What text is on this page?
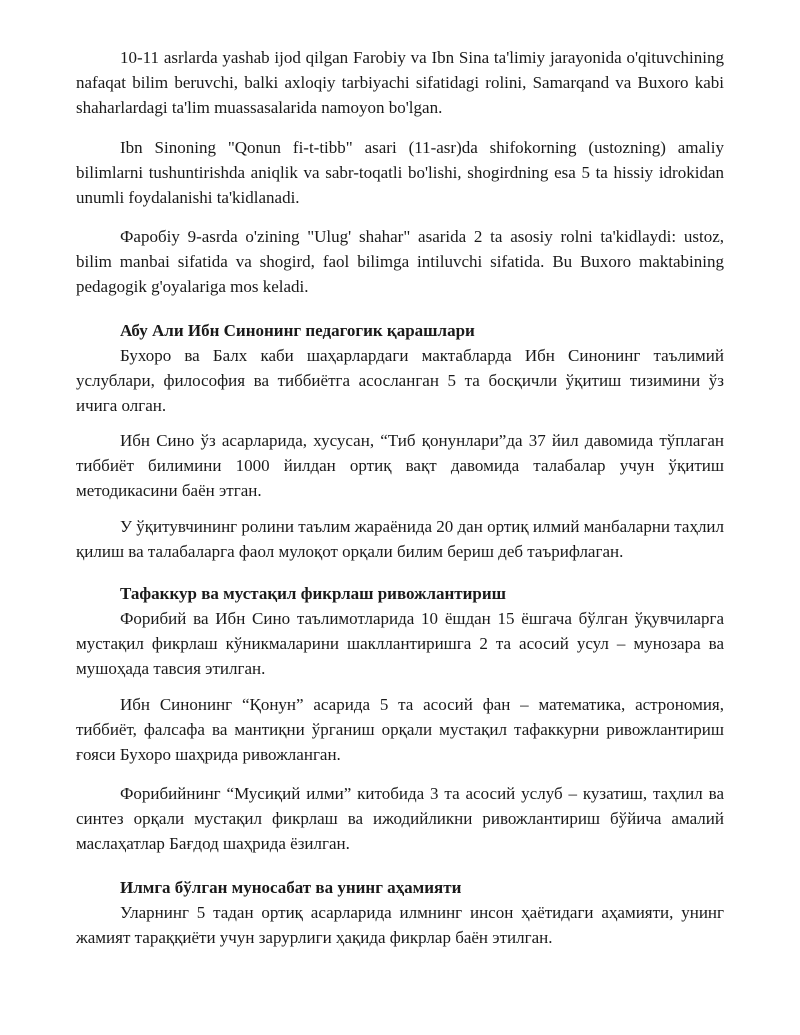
10-11 asrlarda yashab ijod qilgan Farobiy va Ibn Sina ta'limiy jarayonida o'qituvchining nafaqat bilim beruvchi, balki axloqiy tarbiyachi sifatidagi rolini, Samarqand va Buxoro kabi shaharlardagi ta'lim muassasalarida namoyon bo'lgan.

Ibn Sinoning "Qonun fi-t-tibb" asari (11-asr)da shifokorning (ustozning) amaliy bilimlarni tushuntirishda aniqlik va sabr-toqatli bo'lishi, shogirdning esa 5 ta hissiy idrokidan unumli foydalanishi ta'kidlanadi.

Фаробiy 9-asrda o'zining "Ulug' shahar" asarida 2 ta asosiy rolni ta'kidlaydi: ustoz, bilim manbai sifatida va shogird, faol bilimga intiluvchi sifatida. Bu Buxoro maktabining pedagogik g'oyalariga mos keladi.

Абу Али Ибн Синонинг педагогик қарашлари

Бухоро ва Балх каби шаҳарлардаги мактабларда Ибн Синонинг таълимий услублари, философия ва тиббиётга асосланган 5 та босқичли ўқитиш тизимини ўз ичига олган.

Ибн Сино ўз асарларида, хусусан, “Тиб қонунлари”да 37 йил давомида тўплаган тиббиёт билимини 1000 йилдан ортиқ вақт давомида талабалар учун ўқитиш методикасини баён этган.

У ўқитувчининг ролини таълим жараёнида 20 дан ортиқ илмий манбаларни таҳлил қилиш ва талабаларга фаол мулоқот орқали билим бериш деб таърифлаган.

Тафаккур ва мустақил фикрлаш ривожлантириш

Форибий ва Ибн Сино таълимотларида 10 ёшдан 15 ёшгача бўлган ўқувчиларга мустақил фикрлаш кўникмаларини шакллантиришга 2 та асосий усул – мунозара ва мушоҳада тавсия этилган.

Ибн Синонинг “Қонун” асарида 5 та асосий фан – математика, астрономия, тиббиёт, фалсафа ва мантиқни ўрганиш орқали мустақил тафаккурни ривожлантириш ғояси Бухоро шаҳрида ривожланган.

Форибийнинг “Мусиқий илми” китобида 3 та асосий услуб – кузатиш, таҳлил ва синтез орқали мустақил фикрлаш ва ижодийликни ривожлантириш бўйича амалий маслаҳатлар Бағдод шаҳрида ёзилган.

Илмга бўлган муносабат ва унинг аҳамияти

Уларнинг 5 тадан ортиқ асарларида илмнинг инсон ҳаётидаги аҳамияти, унинг жамият тараққиёти учун зарурлиги ҳақида фикрлар баён этилган.
